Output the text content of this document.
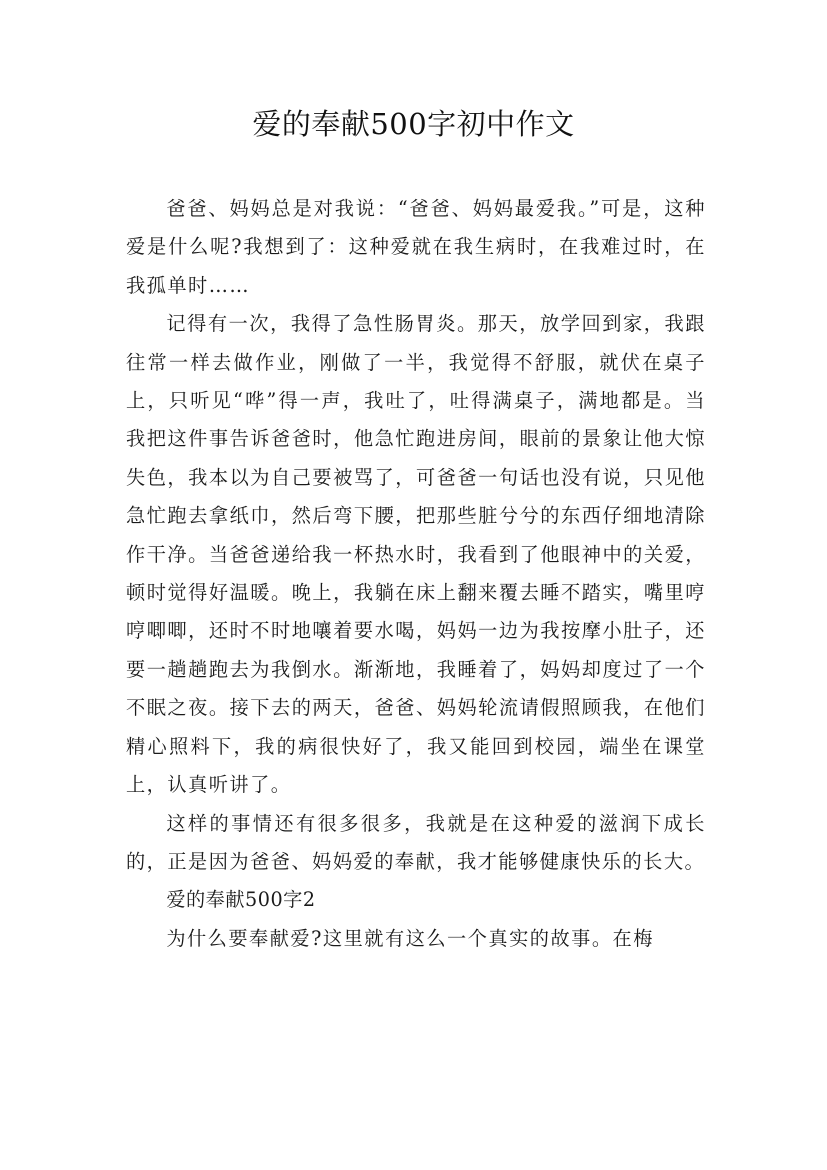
爱的奉献500字初中作文

爸爸、妈妈总是对我说：“爸爸、妈妈最爱我。”可是，这种爱是什么呢?我想到了：这种爱就在我生病时，在我难过时，在我孤单时……

记得有一次，我得了急性肠胃炎。那天，放学回到家，我跟往常一样去做作业，刚做了一半，我觉得不舒服，就伏在桌子上，只听见“哗”得一声，我吐了，吐得满桌子，满地都是。当我把这件事告诉爸爸时，他急忙跑进房间，眼前的景象让他大惊失色，我本以为自己要被骂了，可爸爸一句话也没有说，只见他急忙跑去拿纸巾，然后弯下腰，把那些脏兮兮的东西仔细地清除作干净。当爸爸递给我一杯热水时，我看到了他眼神中的关爱，顿时觉得好温暖。晚上，我躺在床上翻来覆去睡不踏实，嘴里哼哼唧唧，还时不时地嚷着要水喝，妈妈一边为我按摩小肚子，还要一趟趟跑去为我倒水。渐渐地，我睡着了，妈妈却度过了一个不眠之夜。接下去的两天，爸爸、妈妈轮流请假照顾我，在他们精心照料下，我的病很快好了，我又能回到校园，端坐在课堂上，认真听讲了。

这样的事情还有很多很多，我就是在这种爱的滋润下成长的，正是因为爸爸、妈妈爱的奉献，我才能够健康快乐的长大。

爱的奉献500字2

为什么要奉献爱?这里就有这么一个真实的故事。在梅
